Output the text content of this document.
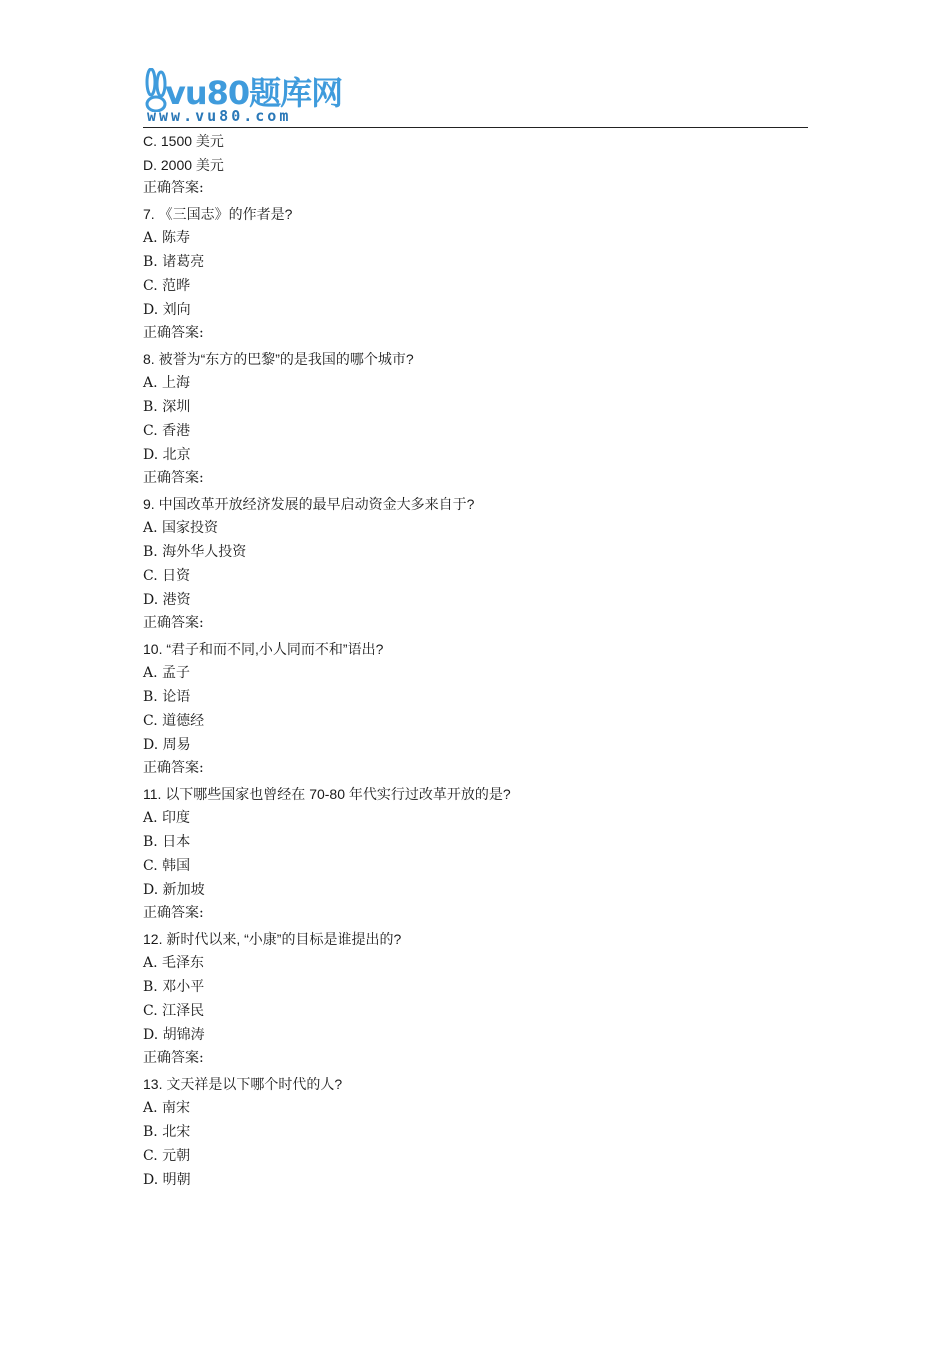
vu80题库网
www.vu80.com
C. 1500 美元
D. 2000 美元
正确答案:
7. 《三国志》的作者是?
A. 陈寿
B. 诸葛亮
C. 范晔
D. 刘向
正确答案:
8. 被誉为“东方的巴黎”的是我国的哪个城市?
A. 上海
B. 深圳
C. 香港
D. 北京
正确答案:
9. 中国改革开放经济发展的最早启动资金大多来自于?
A. 国家投资
B. 海外华人投资
C. 日资
D. 港资
正确答案:
10. “君子和而不同,小人同而不和”语出?
A. 孟子
B. 论语
C. 道德经
D. 周易
正确答案:
11. 以下哪些国家也曾经在 70-80 年代实行过改革开放的是?
A. 印度
B. 日本
C. 韩国
D. 新加坡
正确答案:
12. 新时代以来, “小康”的目标是谁提出的?
A. 毛泽东
B. 邓小平
C. 江泽民
D. 胡锦涛
正确答案:
13. 文天祥是以下哪个时代的人?
A. 南宋
B. 北宋
C. 元朝
D. 明朝
